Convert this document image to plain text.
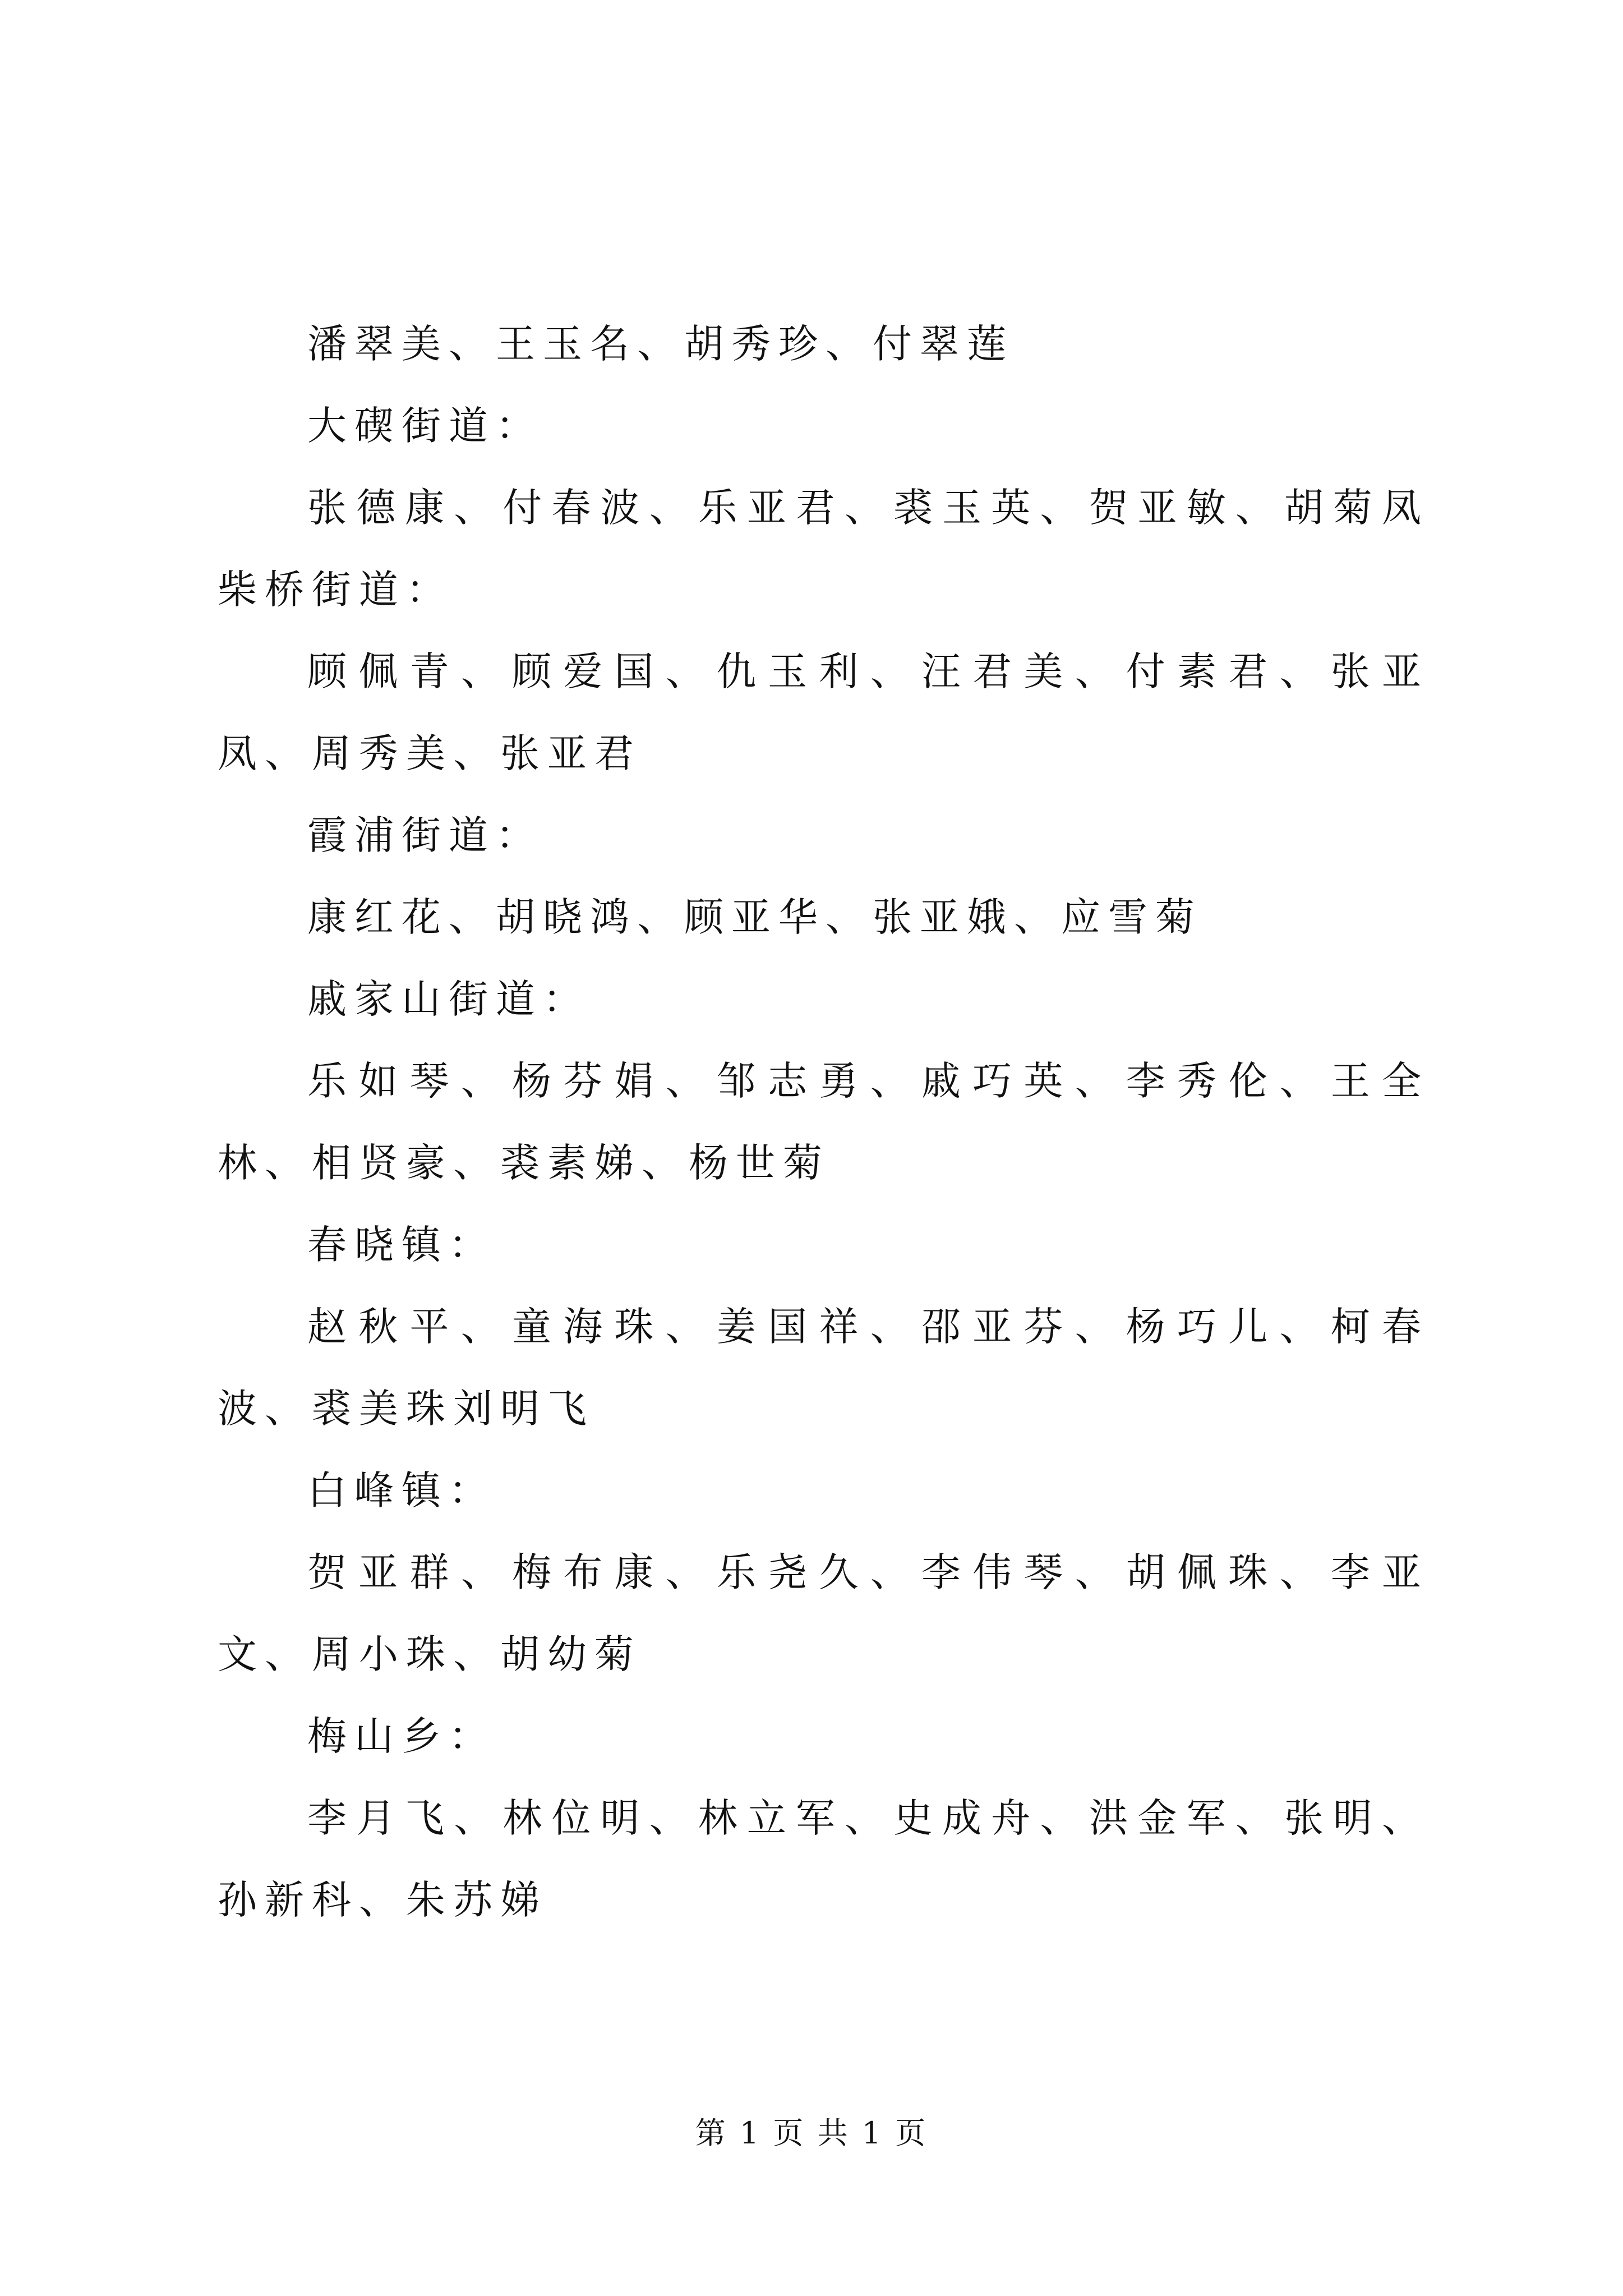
潘翠美、王玉名、胡秀珍、付翠莲

大碶街道：

张德康、付春波、乐亚君、裘玉英、贺亚敏、胡菊凤柴桥街道：

顾佩青、顾爱国、仇玉利、汪君美、付素君、张亚凤、周秀美、张亚君

霞浦街道：

康红花、胡晓鸿、顾亚华、张亚娥、应雪菊

戚家山街道：

乐如琴、杨芬娟、邹志勇、戚巧英、李秀伦、王全林、相贤豪、裘素娣、杨世菊

春晓镇：

赵秋平、童海珠、姜国祥、邵亚芬、杨巧儿、柯春波、裘美珠刘明飞

白峰镇：

贺亚群、梅布康、乐尧久、李伟琴、胡佩珠、李亚文、周小珠、胡幼菊

梅山乡：

李月飞、林位明、林立军、史成舟、洪金军、张明、孙新科、朱苏娣

第 1 页 共 1 页
